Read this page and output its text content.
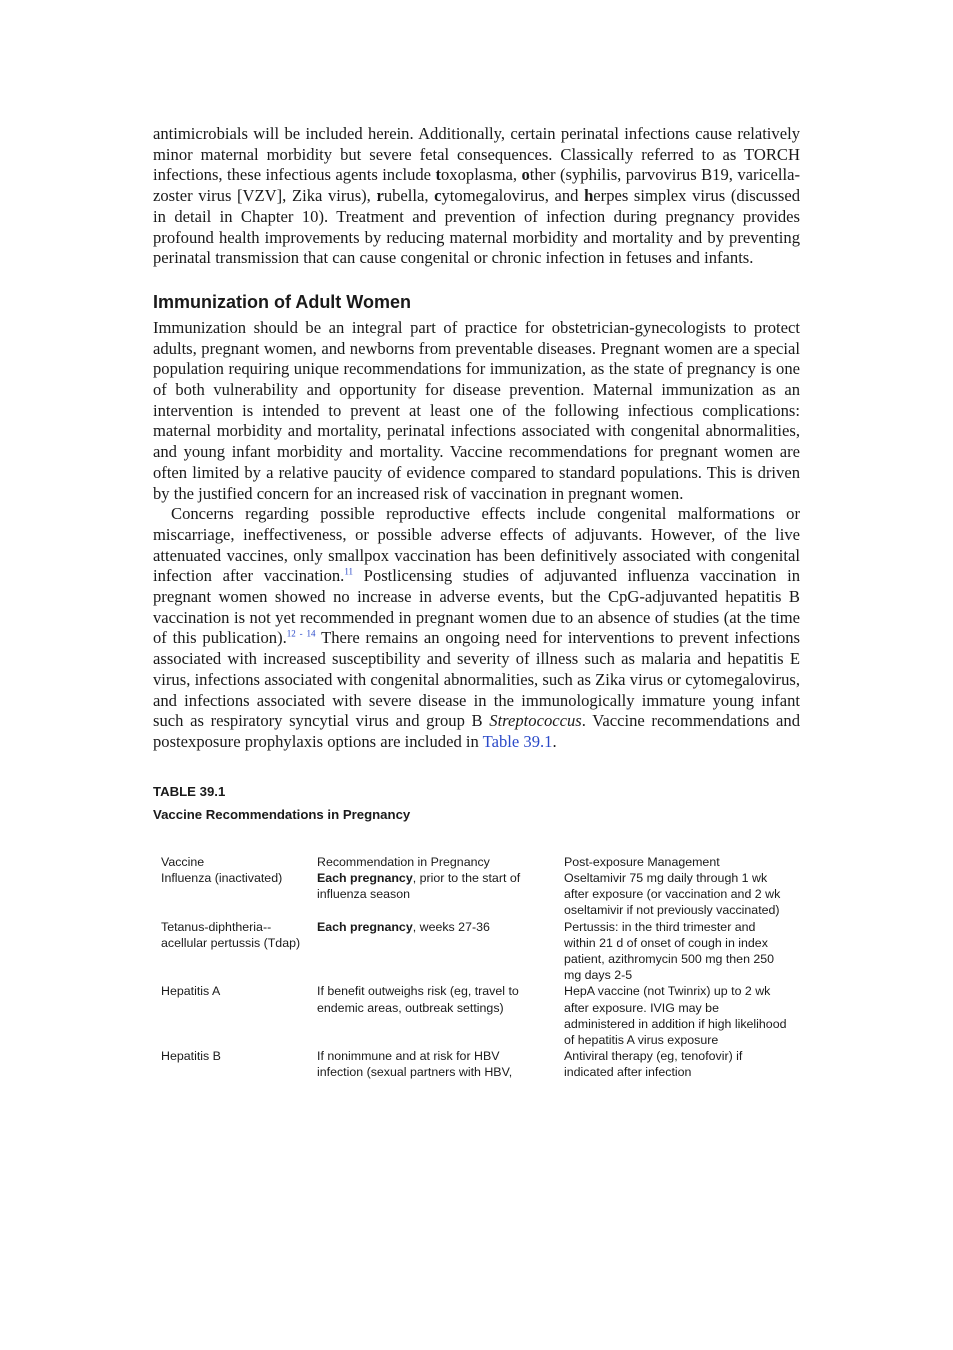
antimicrobials will be included herein. Additionally, certain perinatal infections cause relatively minor maternal morbidity but severe fetal consequences. Classically referred to as TORCH infections, these infectious agents include toxoplasma, other (syphilis, parvovirus B19, varicella-zoster virus [VZV], Zika virus), rubella, cytomegalovirus, and herpes simplex virus (discussed in detail in Chapter 10). Treatment and prevention of infection during pregnancy provides profound health improvements by reducing maternal morbidity and mortality and by preventing perinatal transmission that can cause congenital or chronic infection in fetuses and infants.

Immunization of Adult Women

Immunization should be an integral part of practice for obstetrician-gynecologists to protect adults, pregnant women, and newborns from preventable diseases. Pregnant women are a special population requiring unique recommendations for immunization, as the state of pregnancy is one of both vulnerability and opportunity for disease prevention. Maternal immunization as an intervention is intended to prevent at least one of the following infectious complications: maternal morbidity and mortality, perinatal infections associated with congenital abnormalities, and young infant morbidity and mortality. Vaccine recommendations for pregnant women are often limited by a relative paucity of evidence compared to standard populations. This is driven by the justified concern for an increased risk of vaccination in pregnant women.

Concerns regarding possible reproductive effects include congenital malformations or miscarriage, ineffectiveness, or possible adverse effects of adjuvants. However, of the live attenuated vaccines, only smallpox vaccination has been definitively associated with congenital infection after vaccination.$^{11}$ Postlicensing studies of adjuvanted influenza vaccination in pregnant women showed no increase in adverse events, but the CpG-adjuvanted hepatitis B vaccination is not yet recommended in pregnant women due to an absence of studies (at the time of this publication).$^{12 - 14}$ There remains an ongoing need for interventions to prevent infections associated with increased susceptibility and severity of illness such as malaria and hepatitis E virus, infections associated with congenital abnormalities, such as Zika virus or cytomegalovirus, and infections associated with severe disease in the immunologically immature young infant such as respiratory syncytial virus and group B Streptococcus. Vaccine recommendations and postexposure prophylaxis options are included in Table 39.1.

TABLE 39.1

Vaccine Recommendations in Pregnancy

Vaccine	Recommendation in Pregnancy	Post-exposure Management
Influenza (inactivated)	Each pregnancy, prior to the start of influenza season	Oseltamivir 75 mg daily through 1 wk after exposure (or vaccination and 2 wk oseltamivir if not previously vaccinated)
Tetanus-diphtheria--acellular pertussis (Tdap)	Each pregnancy, weeks 27-36	Pertussis: in the third trimester and within 21 d of onset of cough in index patient, azithromycin 500 mg then 250 mg days 2-5
Hepatitis A	If benefit outweighs risk (eg, travel to endemic areas, outbreak settings)	HepA vaccine (not Twinrix) up to 2 wk after exposure. IVIG may be administered in addition if high likelihood of hepatitis A virus exposure
Hepatitis B	If nonimmune and at risk for HBV infection (sexual partners with HBV,	Antiviral therapy (eg, tenofovir) if indicated after infection
